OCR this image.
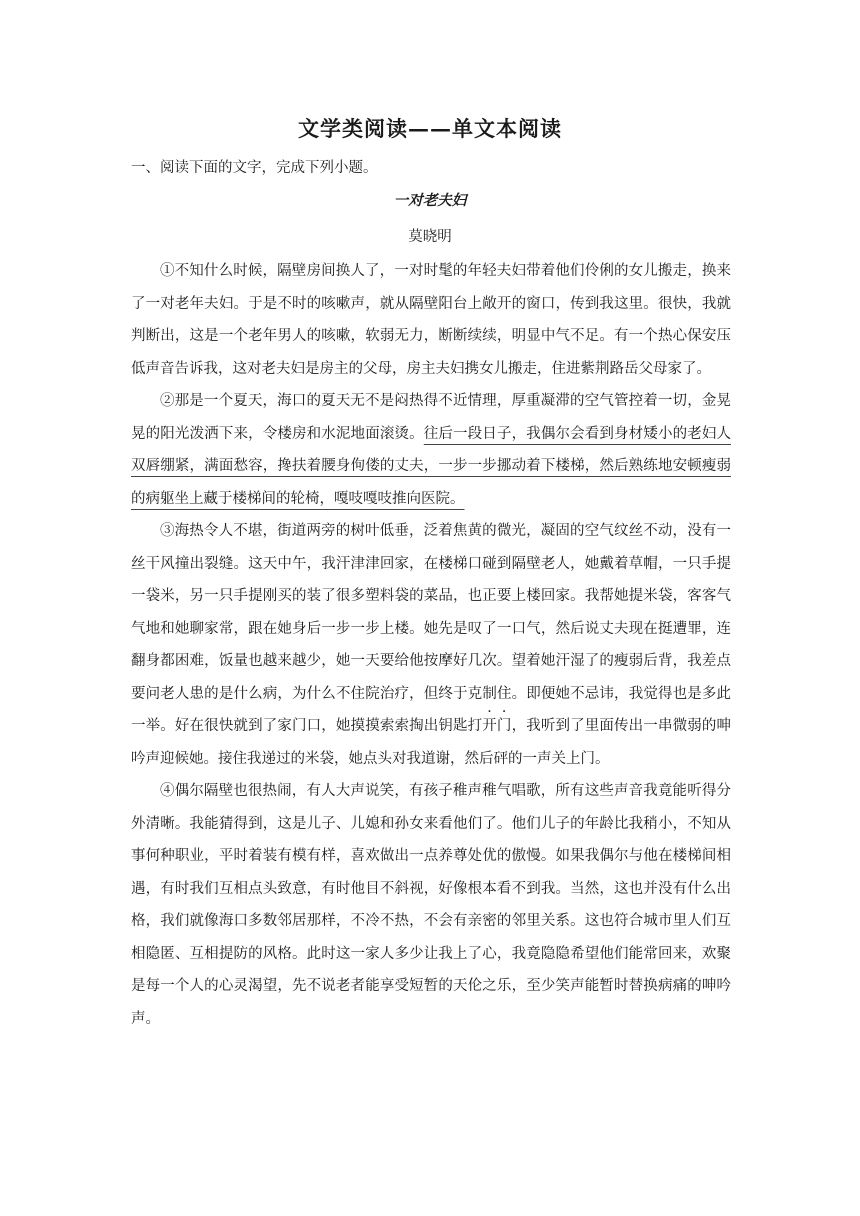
文学类阅读——单文本阅读
一、阅读下面的文字，完成下列小题。
一对老夫妇
莫晓明

①不知什么时候，隔壁房间换人了，一对时髦的年轻夫妇带着他们伶俐的女儿搬走，换来了一对老年夫妇。于是不时的咳嗽声，就从隔壁阳台上敞开的窗口，传到我这里。很快，我就判断出，这是一个老年男人的咳嗽，软弱无力，断断续续，明显中气不足。有一个热心保安压低声音告诉我，这对老夫妇是房主的父母，房主夫妇携女儿搬走，住进紫荆路岳父母家了。

②那是一个夏天，海口的夏天无不是闷热得不近情理，厚重凝滞的空气管控着一切，金晃晃的阳光泼洒下来，令楼房和水泥地面滚烫。往后一段日子，我偶尔会看到身材矮小的老妇人双唇绷紧，满面愁容，搀扶着腰身佝偻的丈夫，一步一步挪动着下楼梯，然后熟练地安顿瘦弱的病躯坐上藏于楼梯间的轮椅，嘎吱嘎吱推向医院。

③海热令人不堪，街道两旁的树叶低垂，泛着焦黄的微光，凝固的空气纹丝不动，没有一丝干风撞出裂缝。这天中午，我汗津津回家，在楼梯口碰到隔壁老人，她戴着草帽，一只手提一袋米，另一只手提刚买的装了很多塑料袋的菜品，也正要上楼回家。我帮她提米袋，客客气气地和她聊家常，跟在她身后一步一步上楼。她先是叹了一口气，然后说丈夫现在挺遭罪，连翻身都困难，饭量也越来越少，她一天要给他按摩好几次。望着她汗湿了的瘦弱后背，我差点要问老人患的是什么病，为什么不住院治疗，但终于克制住。即便她不忌讳，我觉得也是多此一举。好在很快就到了家门口，她摸摸索索掏出钥匙打开门，我听到了里面传出一串微弱的呻吟声迎候她。接住我递过的米袋，她点头对我道谢，然后砰的一声关上门。

④偶尔隔壁也很热闹，有人大声说笑，有孩子稚声稚气唱歌，所有这些声音我竟能听得分外清晰。我能猜得到，这是儿子、儿媳和孙女来看他们了。他们儿子的年龄比我稍小，不知从事何种职业，平时着装有模有样，喜欢做出一点养尊处优的傲慢。如果我偶尔与他在楼梯间相遇，有时我们互相点头致意，有时他目不斜视，好像根本看不到我。当然，这也并没有什么出格，我们就像海口多数邻居那样，不冷不热，不会有亲密的邻里关系。这也符合城市里人们互相隐匿、互相提防的风格。此时这一家人多少让我上了心，我竟隐隐希望他们能常回来，欢聚是每一个人的心灵渴望，先不说老者能享受短暂的天伦之乐，至少笑声能暂时替换病痛的呻吟声。
